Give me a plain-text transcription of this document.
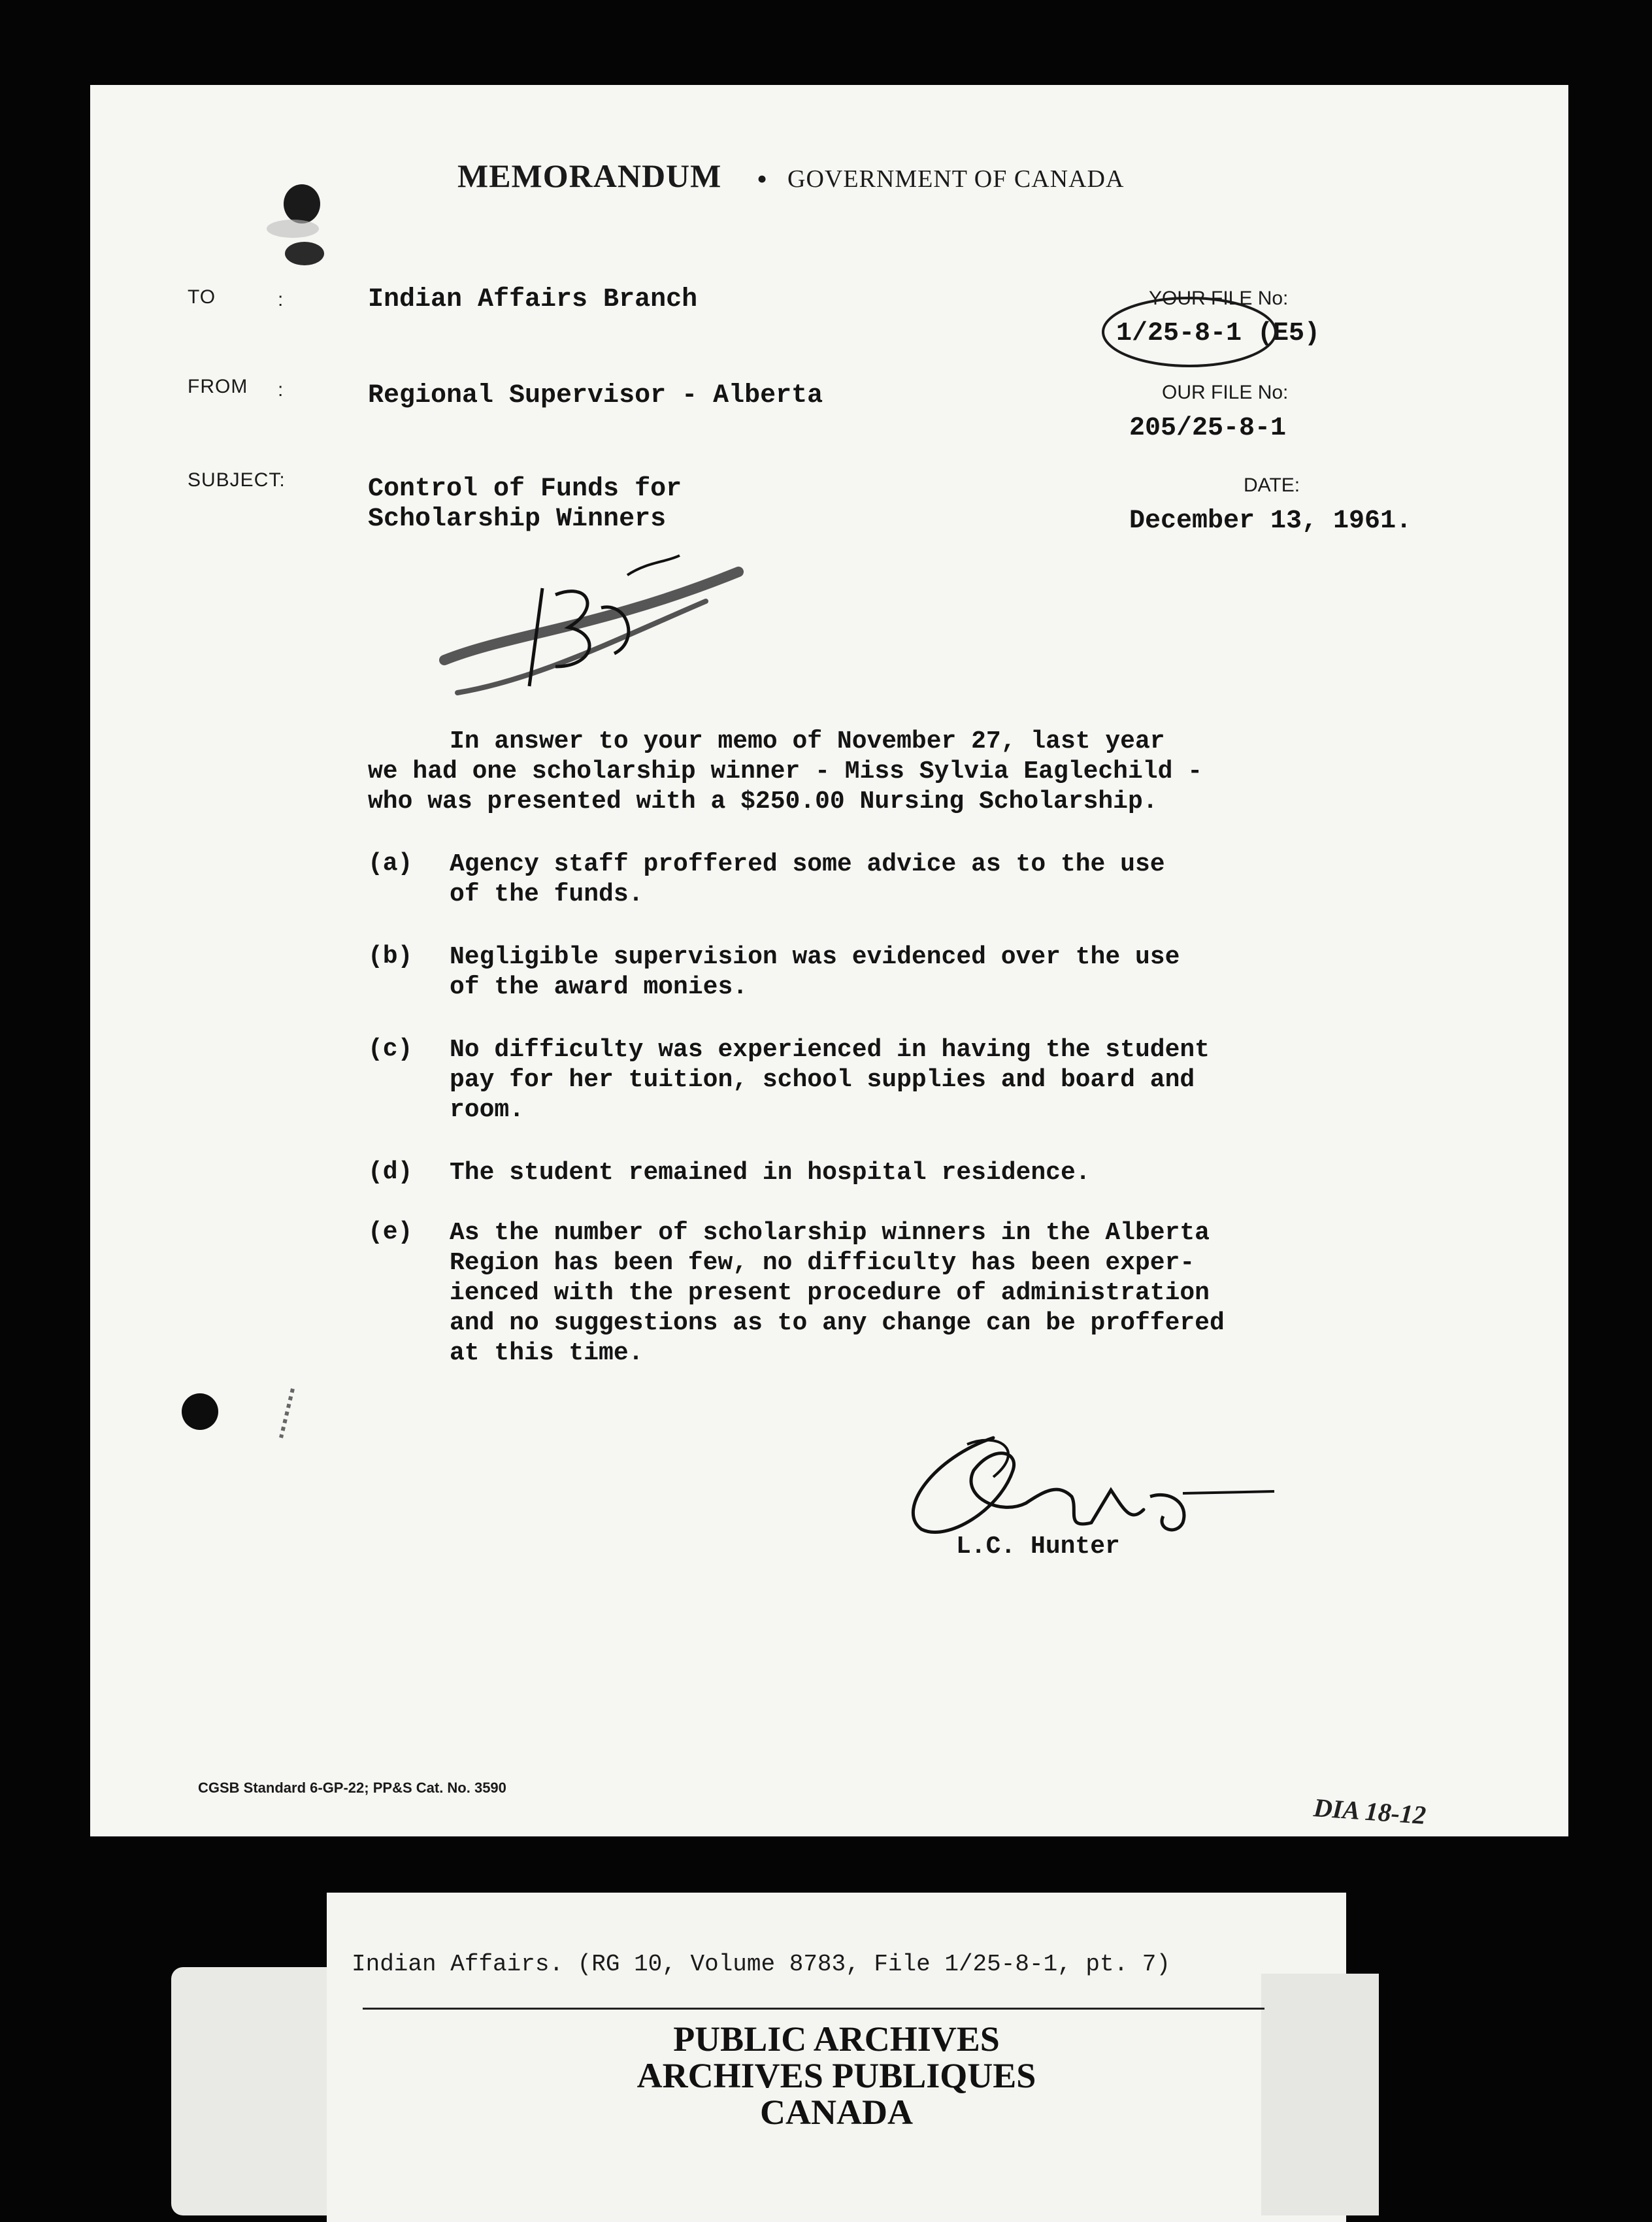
MEMORANDUM • GOVERNMENT OF CANADA
TO	:	Indian Affairs Branch
FROM :	Regional Supervisor - Alberta
SUBJECT:	Control of Funds for
Scholarship Winners
YOUR FILE No:
1/25-8-1 (E5)
OUR FILE No:
205/25-8-1
DATE:
December 13, 1961.
In answer to your memo of November 27, last year
we had one scholarship winner - Miss Sylvia Eaglechild -
who was presented with a $250.00 Nursing Scholarship.
(a) Agency staff proffered some advice as to the use
of the funds.
(b) Negligible supervision was evidenced over the use
of the award monies.
(c) No difficulty was experienced in having the student
pay for her tuition, school supplies and board and
room.
(d) The student remained in hospital residence.
(e) As the number of scholarship winners in the Alberta
Region has been few, no difficulty has been exper-
ienced with the present procedure of administration
and no suggestions as to any change can be proffered
at this time.
L.C. Hunter
CGSB Standard 6-GP-22; PP&S Cat. No. 3590
DIA 18-12
PUBLIC ARCHIVES
ARCHIVES PUBLIQUES
CANADA
Indian Affairs. (RG 10, Volume 8783, File 1/25-8-1, pt. 7)
